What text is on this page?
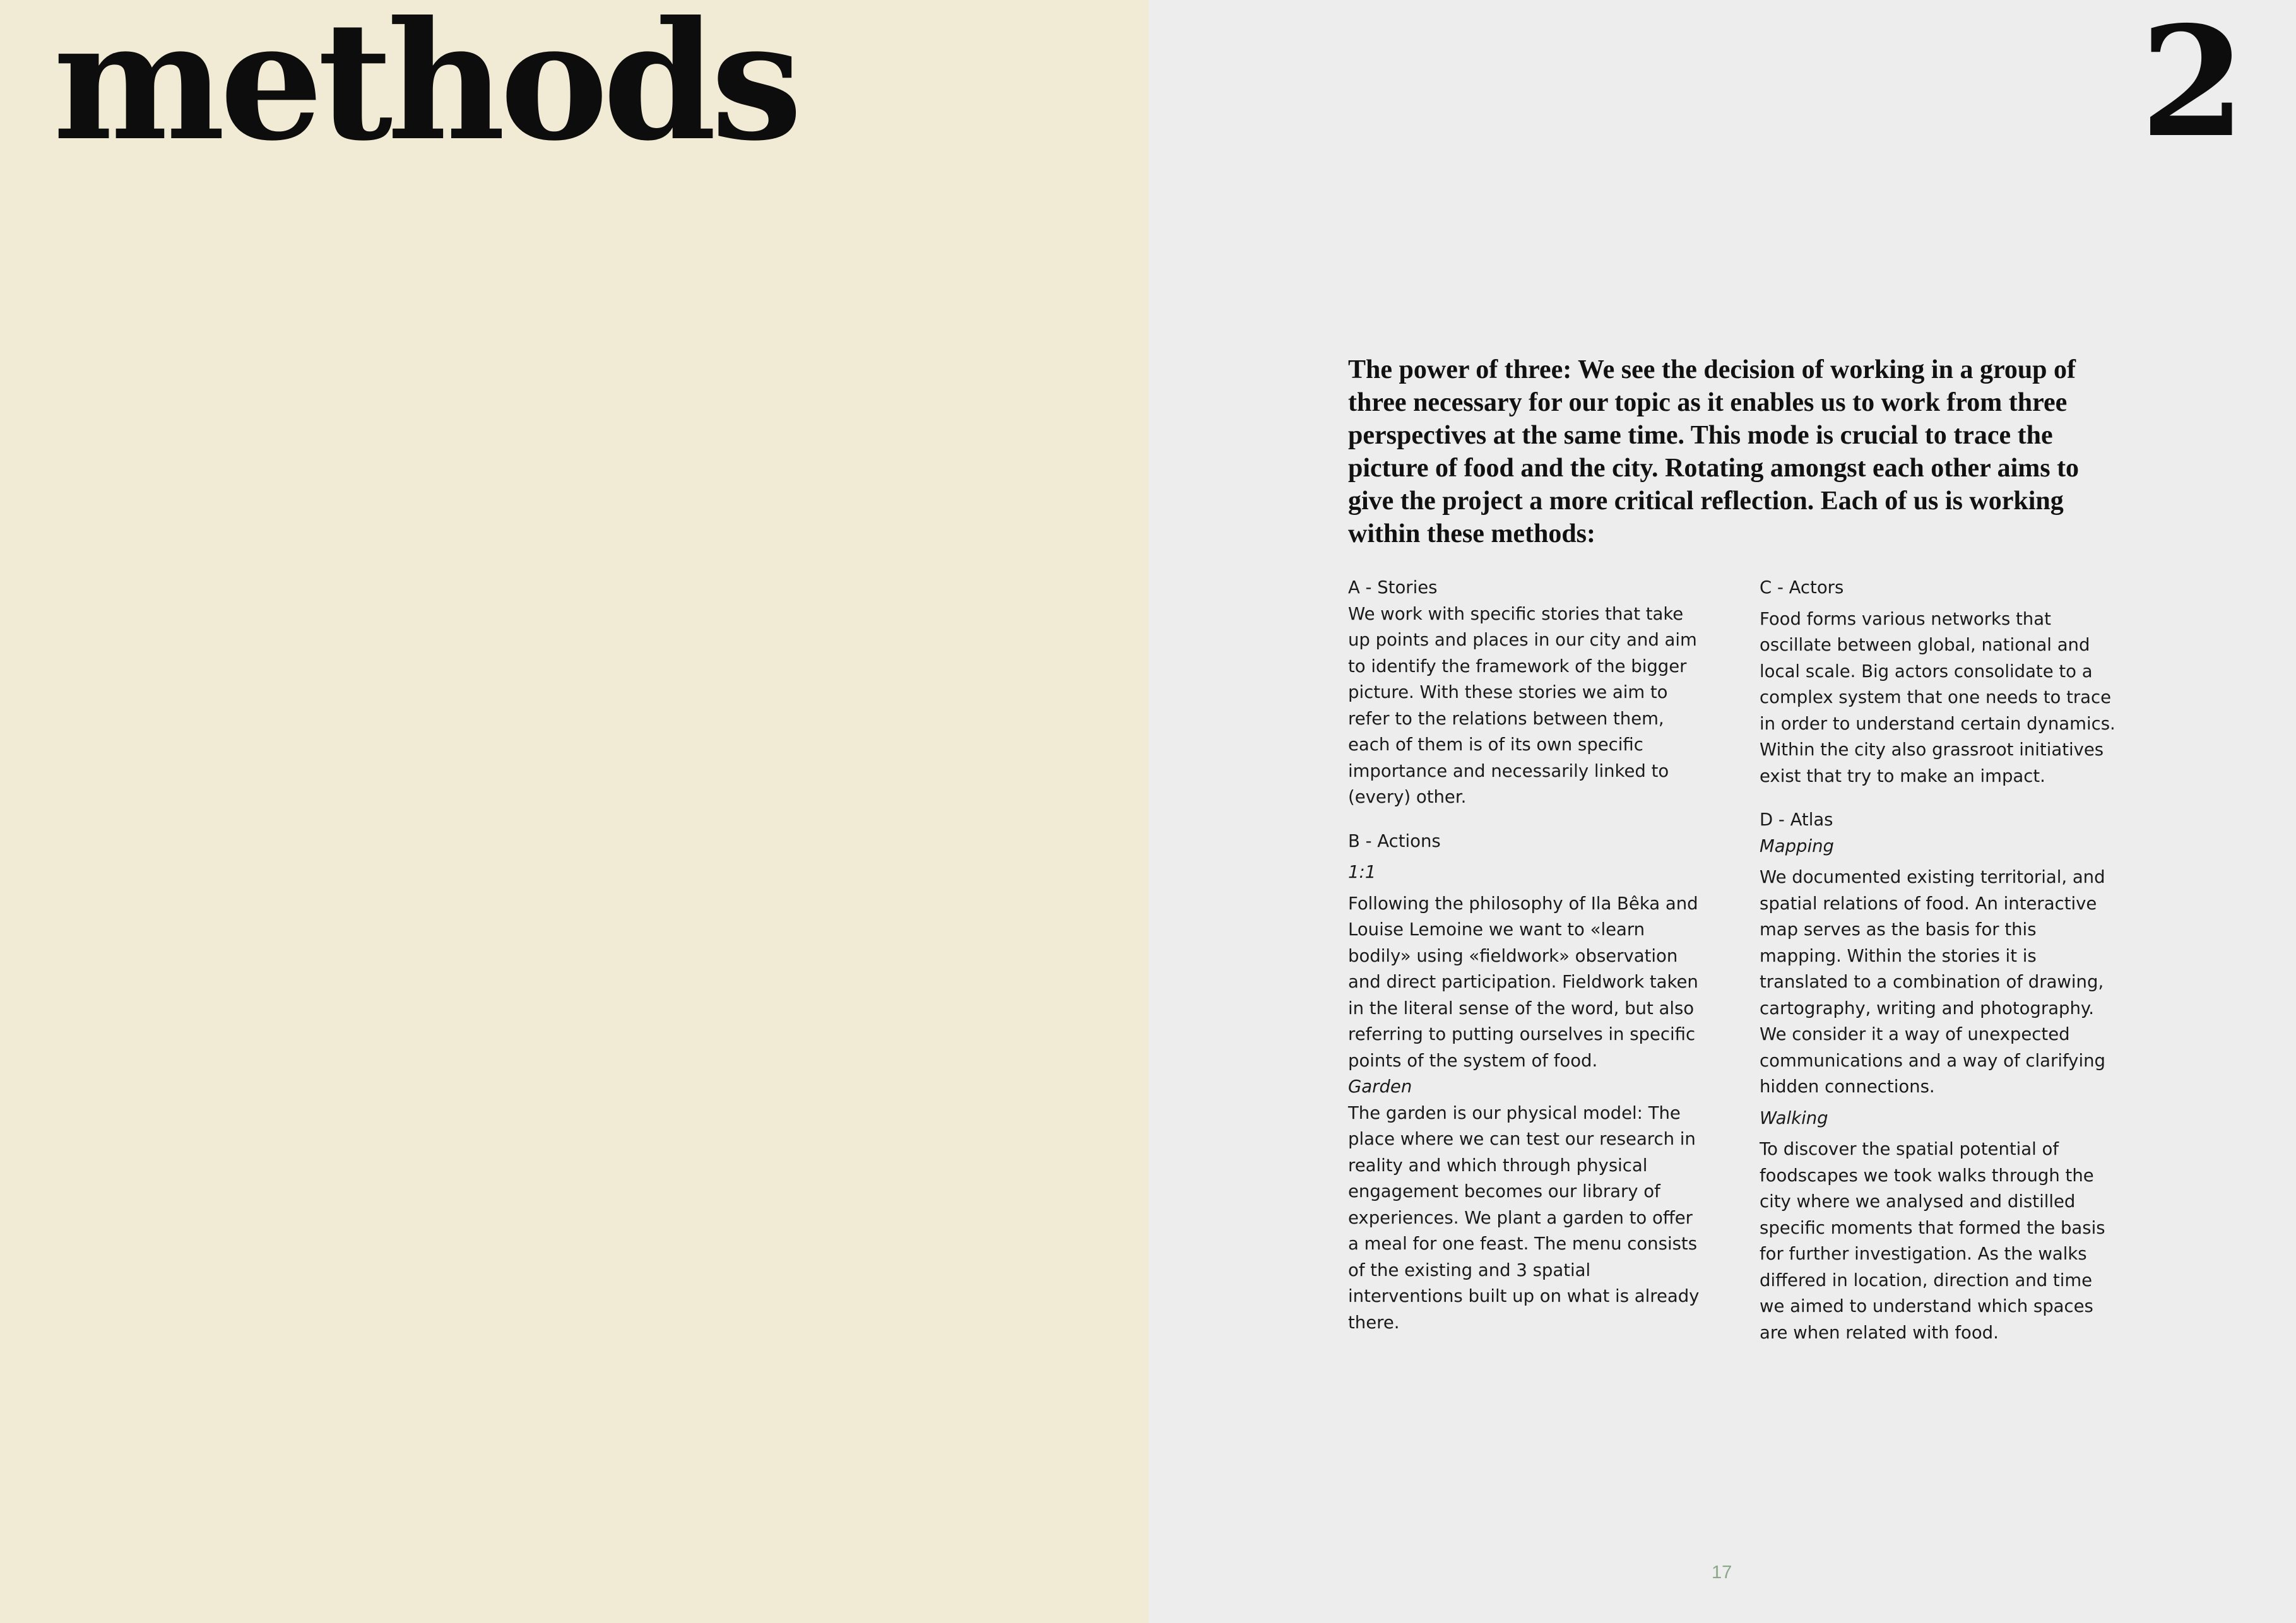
methods	2

The power of three: We see the decision of working in a group of three necessary for our topic as it enables us to work from three perspectives at the same time. This mode is crucial to trace the picture of food and the city. Rotating amongst each other aims to give the project a more critical reflection. Each of us is working within these methods:

A - Stories

We work with specific stories that take up points and places in our city and aim to identify the framework of the bigger picture. With these stories we aim to refer to the relations between them, each of them is of its own specific importance and necessarily linked to (every) other.

B - Actions

1:1

Following the philosophy of Ila Bêka and Louise Lemoine we want to «learn bodily» using «fieldwork» observation and direct participation. Fieldwork taken in the literal sense of the word, but also referring to putting ourselves in specific points of the system of food.

Garden

The garden is our physical model: The place where we can test our research in reality and which through physical engagement becomes our library of experiences. We plant a garden to offer a meal for one feast. The menu consists of the existing and 3 spatial interventions built up on what is already there.

C - Actors

Food forms various networks that oscillate between global, national and local scale. Big actors consolidate to a complex system that one needs to trace in order to understand certain dynamics. Within the city also grassroot initiatives exist that try to make an impact.

D - Atlas

Mapping

We documented existing territorial, and spatial relations of food. An interactive map serves as the basis for this mapping. Within the stories it is translated to a combination of drawing, cartography, writing and photography. We consider it a way of unexpected communications and a way of clarifying hidden connections.

Walking

To discover the spatial potential of foodscapes we took walks through the city where we analysed and distilled specific moments that formed the basis for further investigation. As the walks differed in location, direction and time we aimed to understand which spaces are when related with food.

17
